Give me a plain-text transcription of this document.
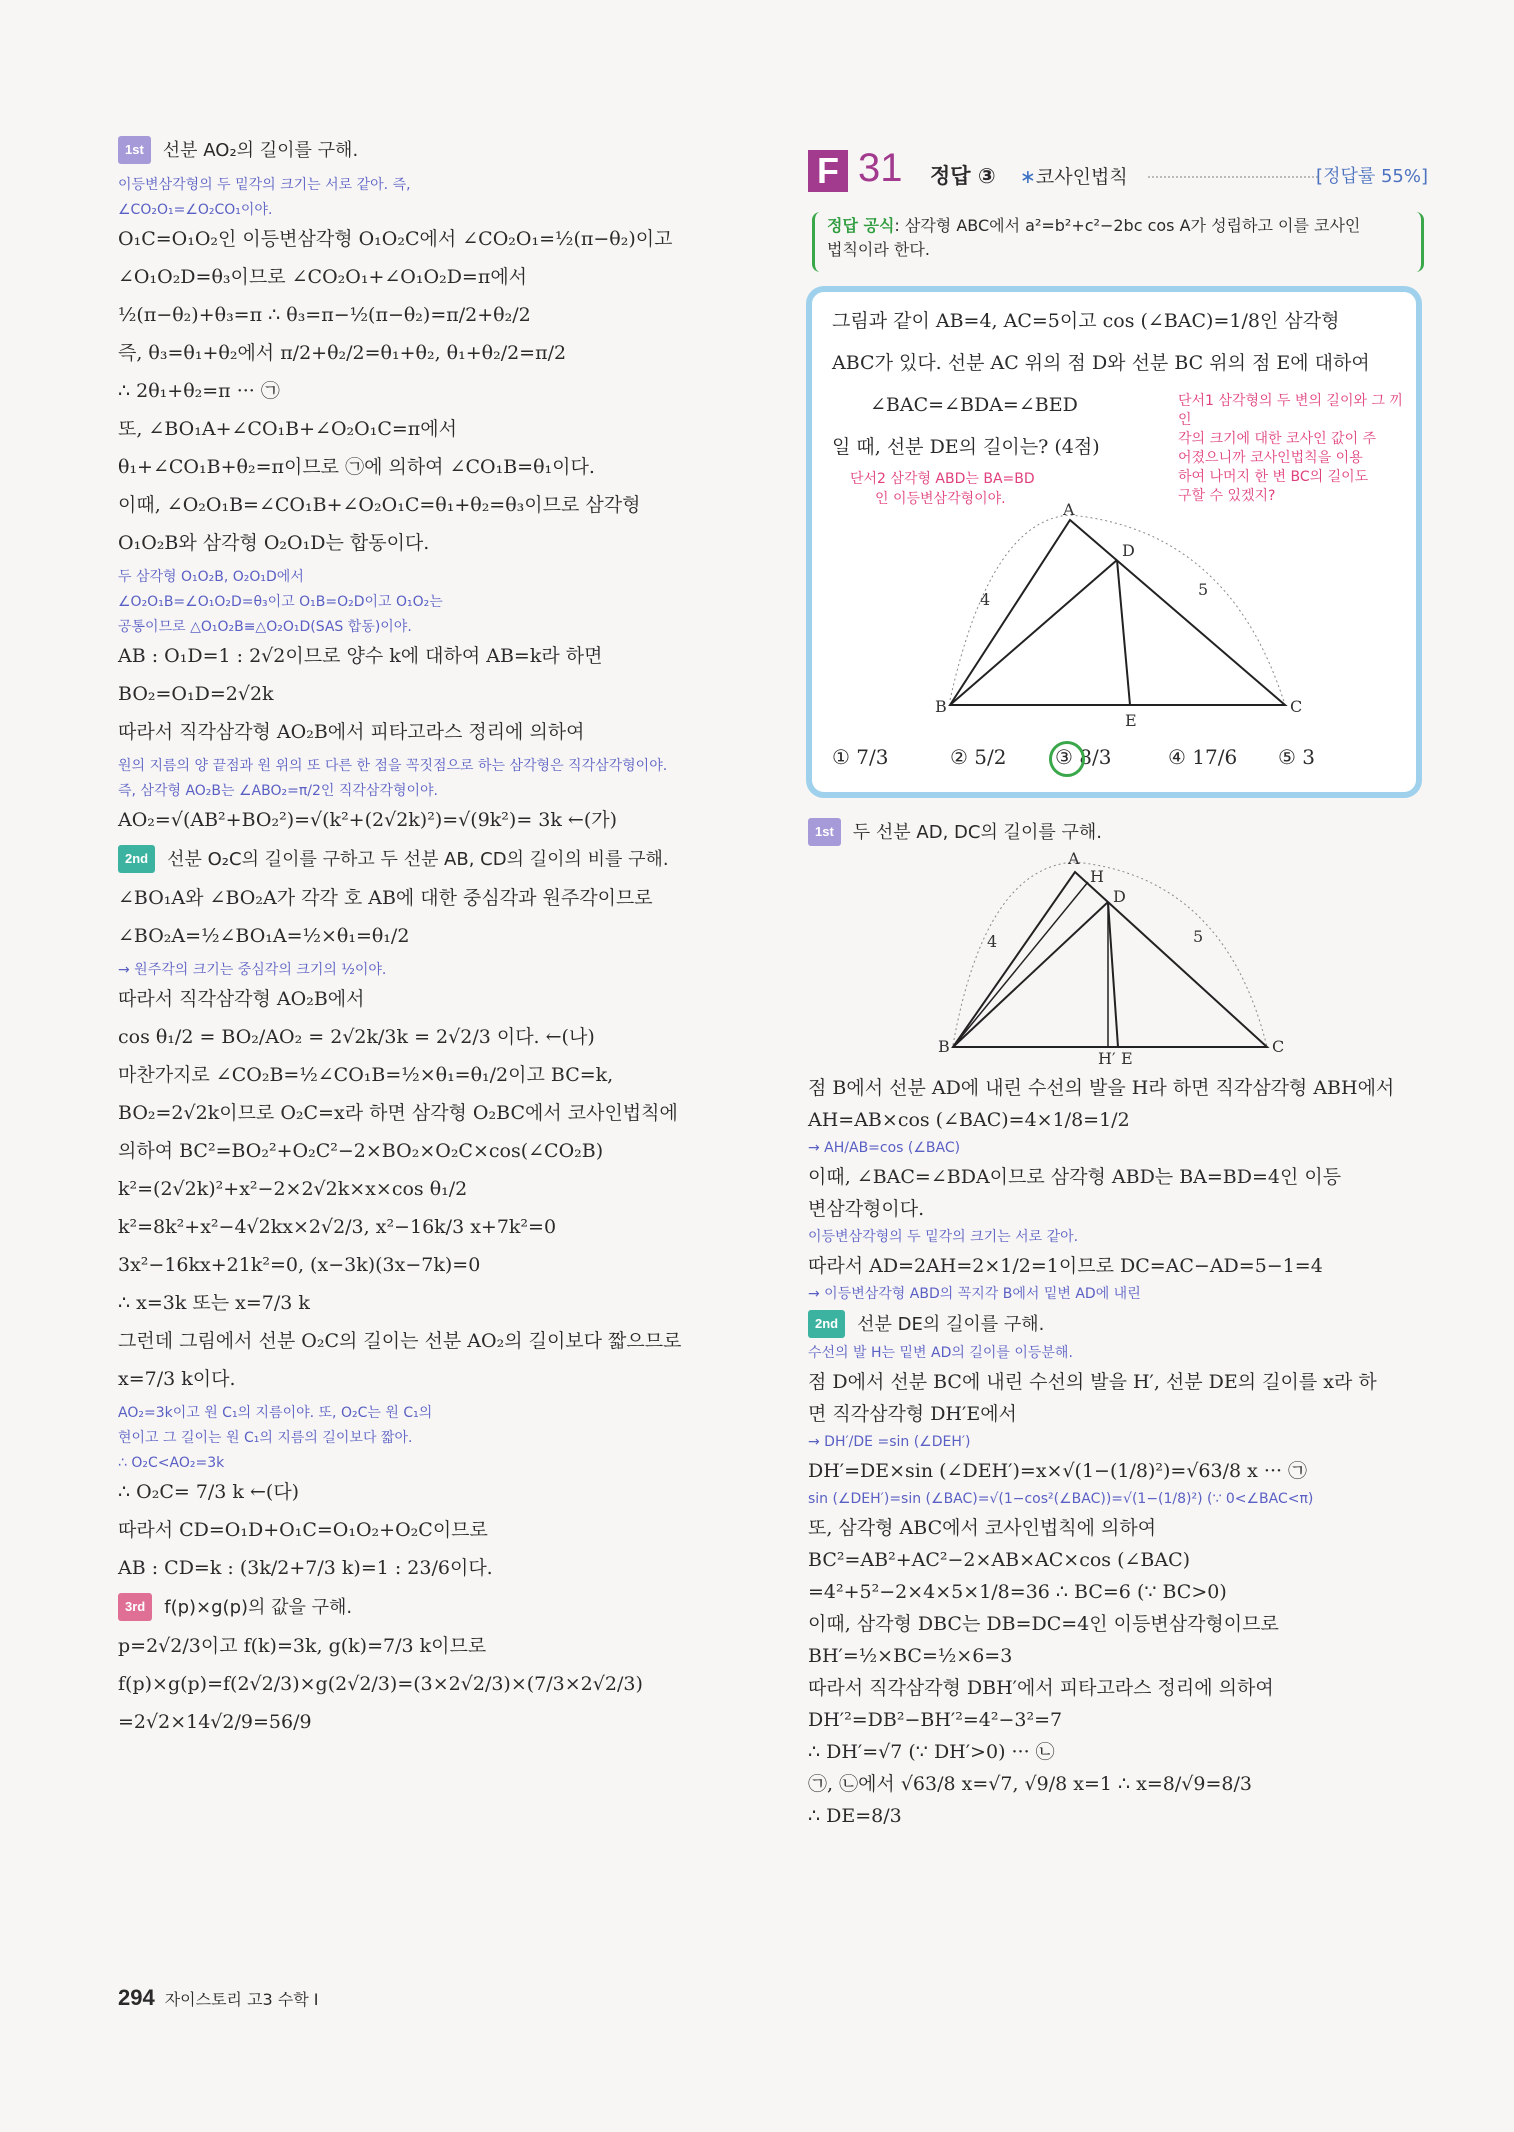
1st 선분 AO₂의 길이를 구해.
이등변삼각형의 두 밑각의 크기는 서로 같아. 즉,
∠CO₂O₁=∠O₂CO₁이야.
O₁C=O₁O₂인 이등변삼각형 O₁O₂C에서 ∠CO₂O₁=½(π−θ₂)이고
∠O₁O₂D=θ₃이므로 ∠CO₂O₁+∠O₁O₂D=π에서
½(π−θ₂)+θ₃=π ∴ θ₃=π−½(π−θ₂)=π/2+θ₂/2
즉, θ₃=θ₁+θ₂에서 π/2+θ₂/2=θ₁+θ₂, θ₁+θ₂/2=π/2
∴ 2θ₁+θ₂=π ··· ㉠
또, ∠BO₁A+∠CO₁B+∠O₂O₁C=π에서
θ₁+∠CO₁B+θ₂=π이므로 ㉠에 의하여 ∠CO₁B=θ₁이다.
이때, ∠O₂O₁B=∠CO₁B+∠O₂O₁C=θ₁+θ₂=θ₃이므로 삼각형
O₁O₂B와 삼각형 O₂O₁D는 합동이다.
두 삼각형 O₁O₂B, O₂O₁D에서
∠O₂O₁B=∠O₁O₂D=θ₃이고 O₁B=O₂D이고 O₁O₂는
공통이므로 △O₁O₂B≡△O₂O₁D(SAS 합동)이야.
AB : O₁D=1 : 2√2이므로 양수 k에 대하여 AB=k라 하면
BO₂=O₁D=2√2k
따라서 직각삼각형 AO₂B에서 피타고라스 정리에 의하여
원의 지름의 양 끝점과 원 위의 또 다른 한 점을 꼭짓점으로 하는 삼각형은 직각삼각형이야.
즉, 삼각형 AO₂B는 ∠ABO₂=π/2인 직각삼각형이야.
AO₂=√(AB²+BO₂²)=√(k²+(2√2k)²)=√(9k²)= 3k ←(가)
2nd 선분 O₂C의 길이를 구하고 두 선분 AB, CD의 길이의 비를 구해.
∠BO₁A와 ∠BO₂A가 각각 호 AB에 대한 중심각과 원주각이므로
∠BO₂A=½∠BO₁A=½×θ₁=θ₁/2
→ 원주각의 크기는 중심각의 크기의 ½이야.
따라서 직각삼각형 AO₂B에서
cos θ₁/2 = BO₂/AO₂ = 2√2k/3k = 2√2/3 이다. ←(나)
마찬가지로 ∠CO₂B=½∠CO₁B=½×θ₁=θ₁/2이고 BC=k,
BO₂=2√2k이므로 O₂C=x라 하면 삼각형 O₂BC에서 코사인법칙에
의하여 BC²=BO₂²+O₂C²−2×BO₂×O₂C×cos(∠CO₂B)
k²=(2√2k)²+x²−2×2√2k×x×cos θ₁/2
k²=8k²+x²−4√2kx×2√2/3, x²−16k/3 x+7k²=0
3x²−16kx+21k²=0, (x−3k)(3x−7k)=0
∴ x=3k 또는 x=7/3 k
그런데 그림에서 선분 O₂C의 길이는 선분 AO₂의 길이보다 짧으므로
x=7/3 k이다.
AO₂=3k이고 원 C₁의 지름이야. 또, O₂C는 원 C₁의
현이고 그 길이는 원 C₁의 지름의 길이보다 짧아.
∴ O₂C<AO₂=3k
∴ O₂C= 7/3 k ←(다)
따라서 CD=O₁D+O₁C=O₁O₂+O₂C이므로
AB : CD=k : (3k/2+7/3 k)=1 : 23/6이다.
3rd f(p)×g(p)의 값을 구해.
p=2√2/3이고 f(k)=3k, g(k)=7/3 k이므로
f(p)×g(p)=f(2√2/3)×g(2√2/3)=(3×2√2/3)×(7/3×2√2/3)
=2√2×14√2/9=56/9
F 31 정답 ③ ∗코사인법칙	[정답률 55%]
정답 공식: 삼각형 ABC에서 a²=b²+c²−2bc cos A가 성립하고 이를 코사인
법칙이라 한다.
단서1 삼각형의 두 변의 길이와 그 끼인
각의 크기에 대한 코사인 값이 주
어졌으니까 코사인법칙을 이용
하여 나머지 한 변 BC의 길이도
구할 수 있겠지?
그림과 같이 AB=4, AC=5이고 cos (∠BAC)=1/8인 삼각형
ABC가 있다. 선분 AC 위의 점 D와 선분 BC 위의 점 E에 대하여
∠BAC=∠BDA=∠BED
일 때, 선분 DE의 길이는? (4점)
단서2 삼각형 ABD는 BA=BD
인 이등변삼각형이야.
A
B	C
D
E
4
5
① 7/3	② 5/2 ③ 8/3	④ 17/6 ⑤ 3
1st 두 선분 AD, DC의 길이를 구해.
A
H
D
B	C
H′ E
4	5
점 B에서 선분 AD에 내린 수선의 발을 H라 하면 직각삼각형 ABH에서
AH=AB×cos (∠BAC)=4×1/8=1/2
→ AH/AB=cos (∠BAC)
이때, ∠BAC=∠BDA이므로 삼각형 ABD는 BA=BD=4인 이등
변삼각형이다.
이등변삼각형의 두 밑각의 크기는 서로 같아.
따라서 AD=2AH=2×1/2=1이므로 DC=AC−AD=5−1=4
→ 이등변삼각형 ABD의 꼭지각 B에서 밑변 AD에 내린
2nd 선분 DE의 길이를 구해.
수선의 발 H는 밑변 AD의 길이를 이등분해.
점 D에서 선분 BC에 내린 수선의 발을 H′, 선분 DE의 길이를 x라 하
면 직각삼각형 DH′E에서
→ DH′/DE =sin (∠DEH′)
DH′=DE×sin (∠DEH′)=x×√(1−(1/8)²)=√63/8 x ··· ㉠
sin (∠DEH′)=sin (∠BAC)=√(1−cos²(∠BAC))=√(1−(1/8)²) (∵ 0<∠BAC<π)
또, 삼각형 ABC에서 코사인법칙에 의하여
BC²=AB²+AC²−2×AB×AC×cos (∠BAC)
=4²+5²−2×4×5×1/8=36 ∴ BC=6 (∵ BC>0)
이때, 삼각형 DBC는 DB=DC=4인 이등변삼각형이므로
BH′=½×BC=½×6=3
따라서 직각삼각형 DBH′에서 피타고라스 정리에 의하여
DH′²=DB²−BH′²=4²−3²=7
∴ DH′=√7 (∵ DH′>0) ··· ㉡
㉠, ㉡에서 √63/8 x=√7, √9/8 x=1 ∴ x=8/√9=8/3
∴ DE=8/3
294 자이스토리 고3 수학 Ⅰ
